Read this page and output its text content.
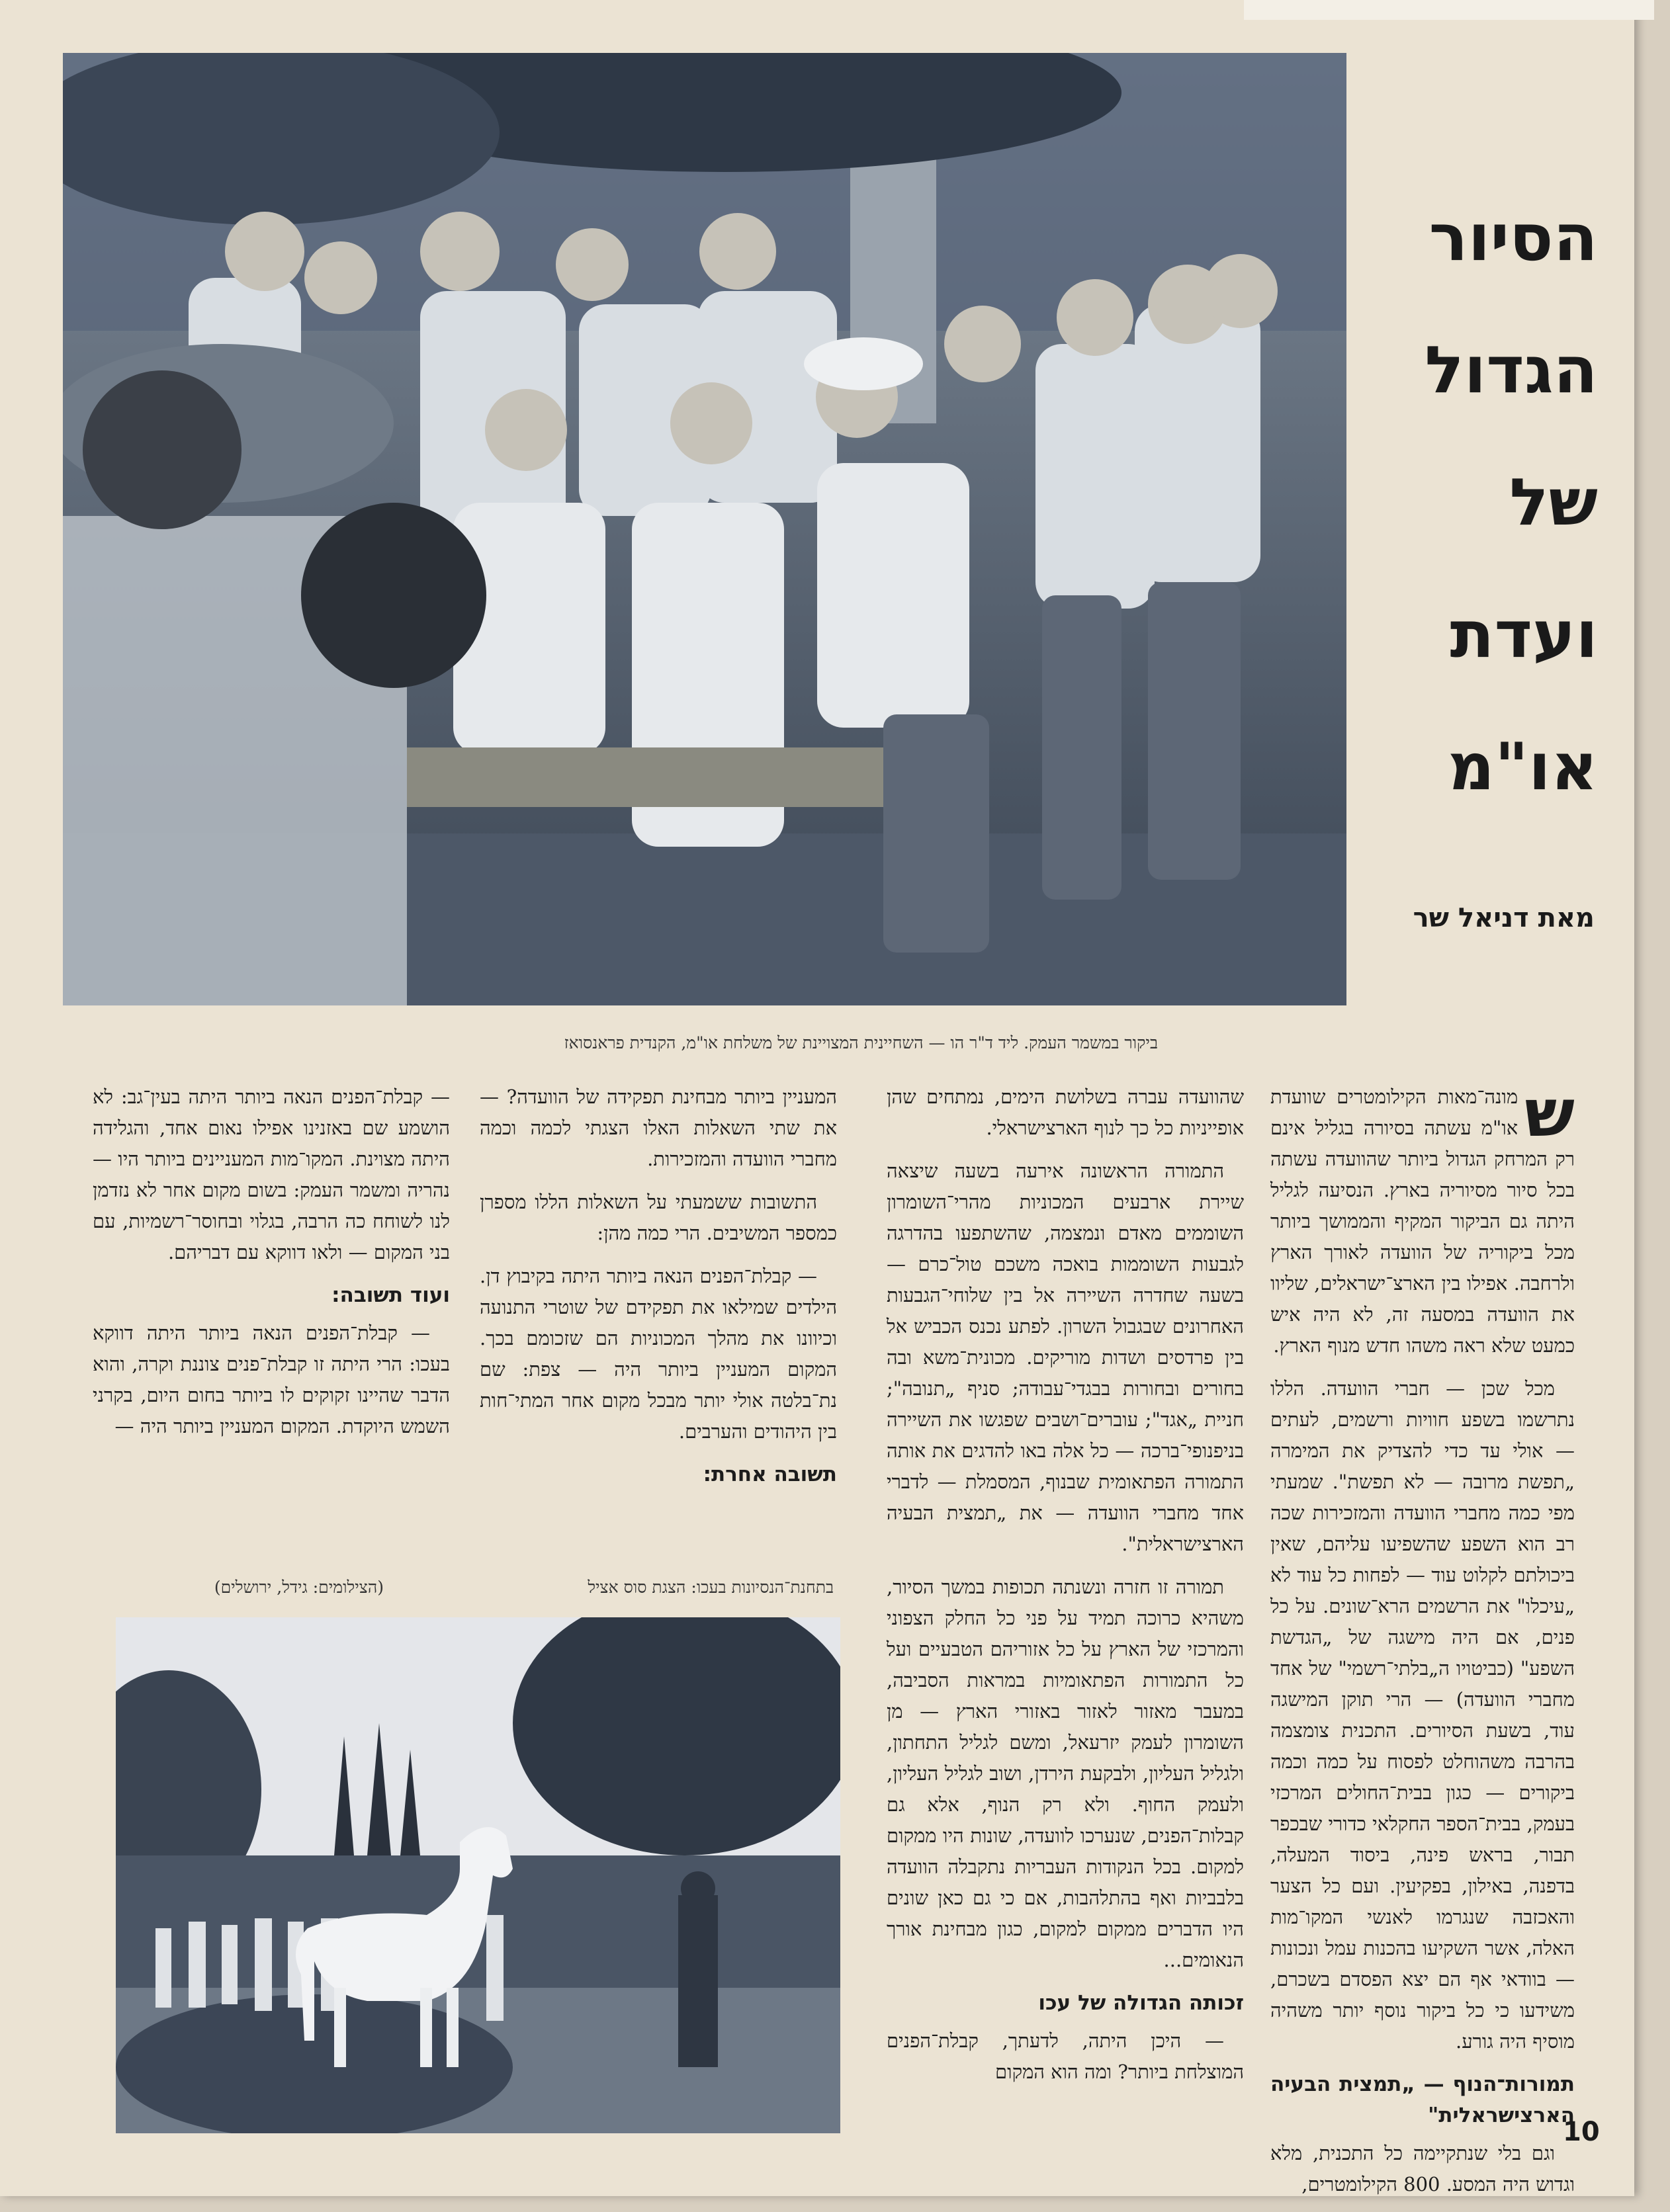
הסיור
הגדול
של
ועדת
או"מ
מאת דניאל שר
ביקור במשמר העמק. ליד ד"ר הו — השחיינית המצויינת של משלחת או"מ, הקנדית פראנסואז

ש
מונה־מאות הקילומטרים שוועדת או"מ עשתה בסיורה בגליל אינם רק המרחק הגדול ביותר שהוועדה עשתה בכל סיור מסיוריה בארץ. הנסיעה לגליל היתה גם הביקור המקיף והממושך ביותר מכל ביקוריה של הוועדה לאורך הארץ ולרחבה. אפילו בין הארצ־ישראלים, שליוו את הוועדה במסעה זה, לא היה איש כמעט שלא ראה משהו חדש מנוף הארץ.

מכל שכן — חברי הוועדה. הללו נתרשמו בשפע חוויות ורשמים, לעתים — אולי עד כדי להצדיק את המימרה „תפשת מרובה — לא תפשת". שמעתי מפי כמה מחברי הוועדה והמזכירות שכה רב הוא השפע שהשפיעו עליהם, שאין ביכולתם לקלוט עוד — לפחות כל עוד לא „עיכלו" את הרשמים הרא־שונים. על כל פנים, אם היה מישגה של „הגדשת השפע" (כביטויו ה„בלתי־רשמי" של אחד מחברי הוועדה) — הרי תוקן המישגה עוד, בשעת הסיורים. התכנית צומצמה בהרבה משהוחלט לפסוח על כמה וכמה ביקורים — כגון בבית־החולים המרכזי בעמק, בבית־הספר החקלאי כדורי שבכפר תבור, בראש פינה, ביסוד המעלה, בדפנה, באילון, בפקיעין. ועם כל הצער והאכזבה שנגרמו לאנשי המקו־מות האלה, אשר השקיעו בהכנות עמל ונכונות — בוודאי אף הם יצא הפסדם בשכרם, משידעו כי כל ביקור נוסף יותר משהיה מוסיף היה גורע.

תמורות־הנוף — „תמצית הבעיה הארצישראלית"

וגם בלי שנתקיימה כל התכנית, מלא וגדוש היה המסע. 800 הקילומטרים,

שהוועדה עברה בשלושת הימים, נמתחים שהן אופייניות כל כך לנוף הארצישראלי.

התמורה הראשונה אירעה בשעה שיצאה שיירת ארבעים המכוניות מהרי־השומרון השוממים מאדם ונמצמה, שהשתפעו בהדרגה לגבעות השוממות בואכה משכם טול־כרם — בשעה שחדרה השיירה אל בין שלוחי־הגבעות האחרונים שבגבול השרון. לפתע נכנס הכביש אל בין פרדסים ושדות מוריקים. מכונית־משא ובה בחורים ובחורות בבגדי־עבודה; סניף „תנובה"; חניית „אגד"; עוברים־ושבים שפגשו את השיירה בניפנופי־ברכה — כל אלה באו להדגים את אותה התמורה הפתאומית שבנוף, המסמלת — לדברי אחד מחברי הוועדה — את „תמצית הבעיה הארצישראלית".

תמורה זו חזרה ונשנתה תכופות במשך הסיור, משהיא כרוכה תמיד על פני כל החלק הצפוני והמרכזי של הארץ על כל אזוריהם הטבעיים ועל כל התמורות הפתאומיות במראות הסביבה, במעבר מאזור לאזור באזורי הארץ — מן השומרון לעמק יזרעאל, ומשם לגליל התחתון, ולגליל העליון, ולבקעת הירדן, ושוב לגליל העליון, ולעמק החוף. ולא רק הנוף, אלא גם קבלות־הפנים, שנערכו לוועדה, שונות היו ממקום למקום. בכל הנקודות העבריות נתקבלה הוועדה בלבביות ואף בהתלהבות, אם כי גם כאן שונים היו הדברים ממקום למקום, כגון מבחינת אורך הנאומים...

זכותה הגדולה של עכו

— היכן היתה, לדעתך, קבלת־הפנים המוצלחת ביותר? ומה הוא המקום

המעניין ביותר מבחינת תפקידה של הוועדה? — את שתי השאלות האלו הצגתי לכמה וכמה מחברי הוועדה והמזכירות.

התשובות ששמעתי על השאלות הללו מספרן כמספר המשיבים. הרי כמה מהן:

— קבלת־הפנים הנאה ביותר היתה בקיבוץ דן. הילדים שמילאו את תפקידם של שוטרי התנועה וכיוונו את מהלך המכוניות הם שזכומם בכך. המקום המעניין ביותר היה — צפת: שם נת־בלטה אולי יותר מבכל מקום אחר המתי־חות בין היהודים והערבים.

תשובה אחרת:

— קבלת־הפנים הנאה ביותר היתה בעין־גב: לא הושמע שם באזנינו אפילו נאום אחד, והגלידה היתה מצוינת. המקו־מות המעניינים ביותר היו — נהריה ומשמר העמק: בשום מקום אחר לא נזדמן לנו לשוחח כה הרבה, בגלוי ובחוסר־רשמיות, עם בני המקום — ולאו דווקא עם דבריהם.

ועוד תשובה:

— קבלת־הפנים הנאה ביותר היתה דווקא בעכו: הרי היתה זו קבלת־פנים צוננת וקרה, והוא הדבר שהיינו זקוקים לו ביותר בחום היום, בקרני השמש היוקדת. המקום המעניין ביותר היה —

בתחנת־הנסיונות בעכו: הצגת סוס אציל
(הצילומים: גידל, ירושלים)
10
